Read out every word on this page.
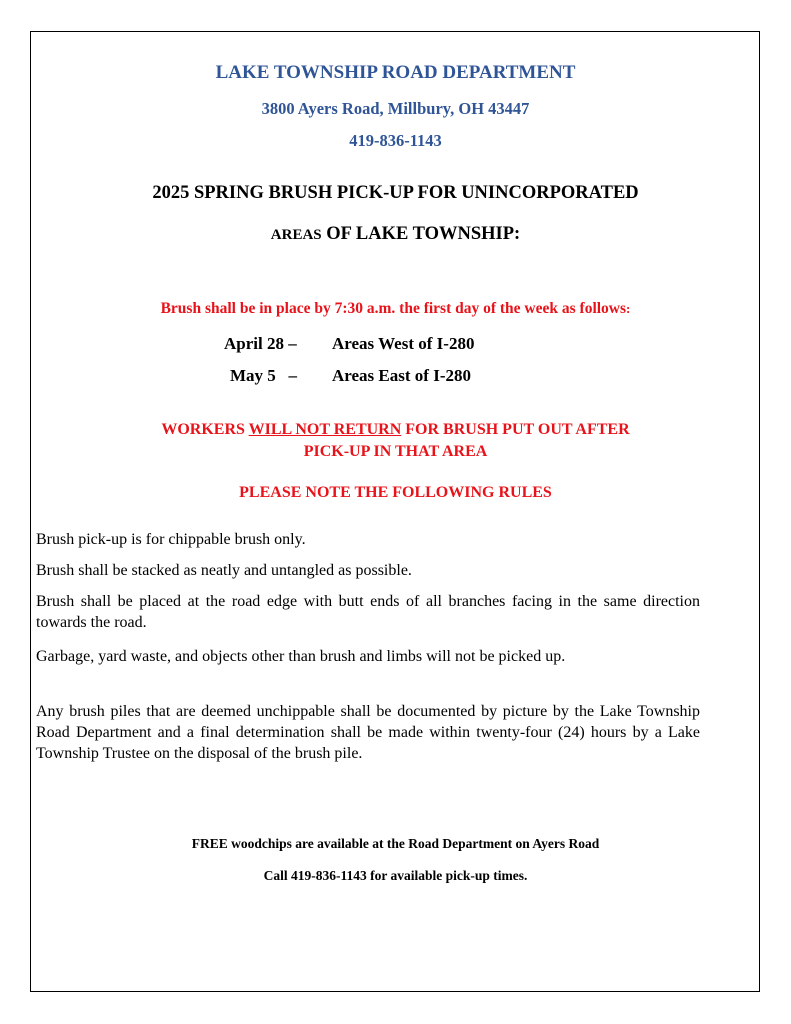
LAKE TOWNSHIP ROAD DEPARTMENT
3800 Ayers Road, Millbury, OH 43447
419-836-1143
2025 SPRING BRUSH PICK-UP FOR UNINCORPORATED
AREAS OF LAKE TOWNSHIP:
Brush shall be in place by 7:30 a.m. the first day of the week as follows:
April 28 – Areas West of I-280
May 5   – Areas East of I-280
WORKERS WILL NOT RETURN FOR BRUSH PUT OUT AFTER
PICK-UP IN THAT AREA
PLEASE NOTE THE FOLLOWING RULES
Brush pick-up is for chippable brush only.
Brush shall be stacked as neatly and untangled as possible.
Brush shall be placed at the road edge with butt ends of all branches facing in the same direction towards the road.
Garbage, yard waste, and objects other than brush and limbs will not be picked up.
Any brush piles that are deemed unchippable shall be documented by picture by the Lake Township Road Department and a final determination shall be made within twenty-four (24) hours by a Lake Township Trustee on the disposal of the brush pile.
FREE woodchips are available at the Road Department on Ayers Road
Call 419-836-1143 for available pick-up times.
